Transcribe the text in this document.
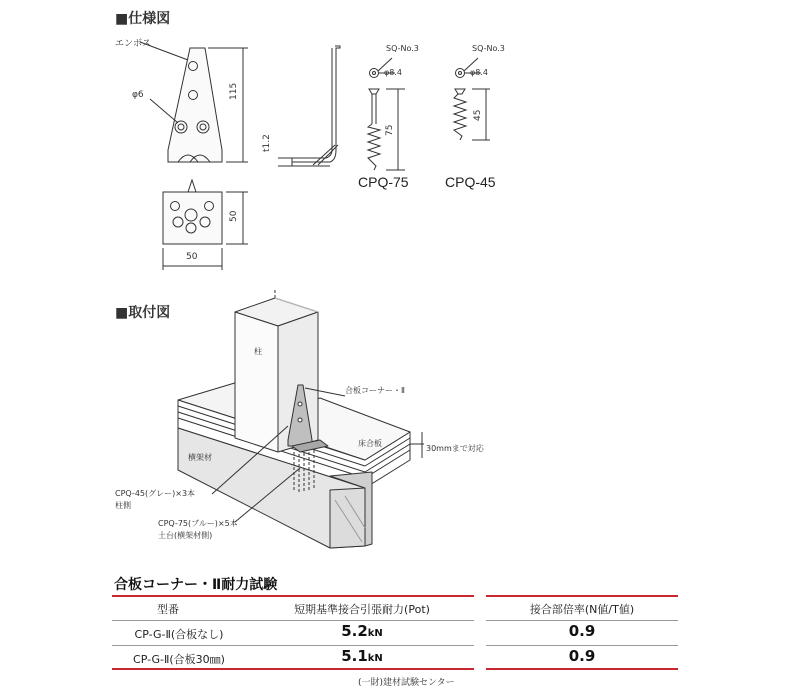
■仕様図
エンボス
φ6	115
t1.2
50
50
SQ-No.3
φ8.4
75
CPQ-75
SQ-No.3
φ8.4
45
CPQ-45
■取付図
柱
合板コーナー・Ⅱ
床合板
30mmまで対応
横架材
CPQ-45(グレー)×3本
柱側
CPQ-75(ブルー)×5本
土台(横架材側)
合板コーナー・Ⅱ耐力試験
型番	短期基準接合引張耐力(Pot)	接合部倍率(N値/T値)
CP-G-Ⅱ(合板なし)	5.2kN	0.9
CP-G-Ⅱ(合板30㎜)	5.1kN	0.9
(一財)建材試験センター
